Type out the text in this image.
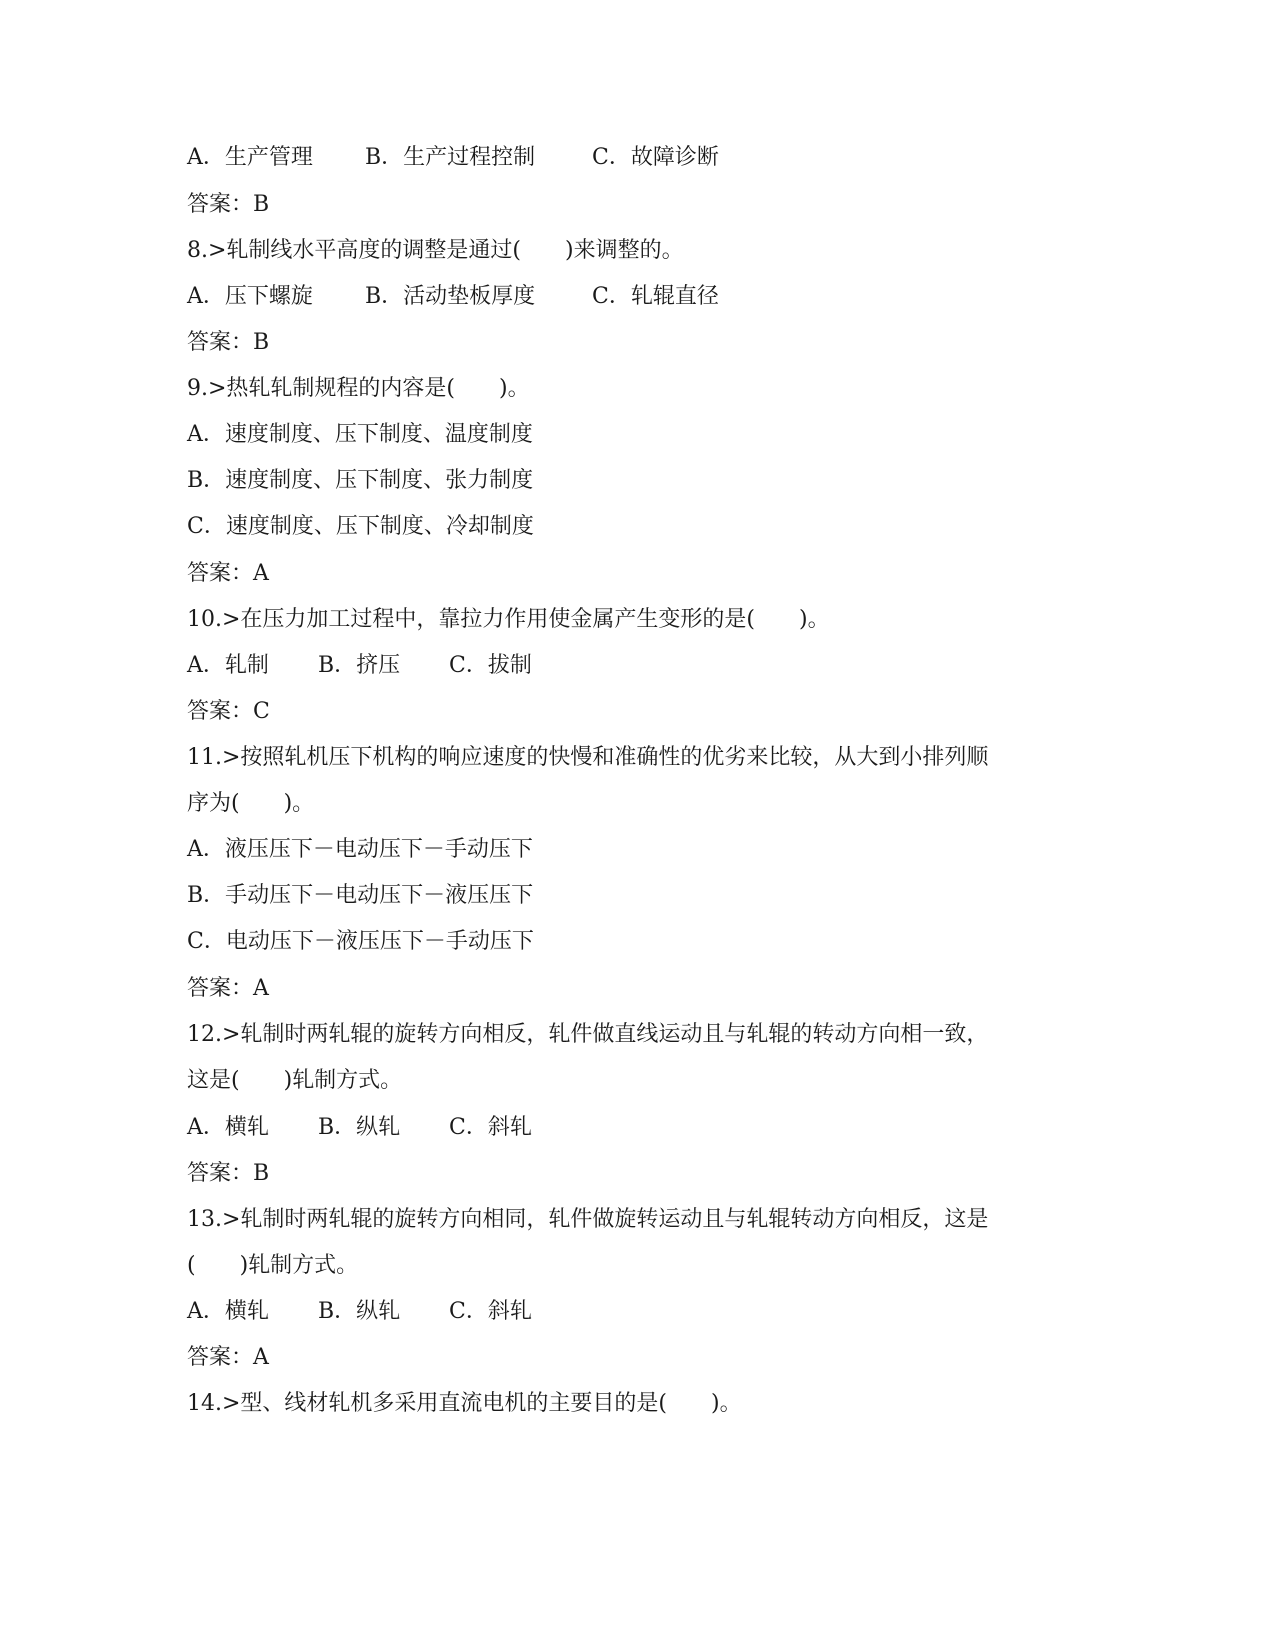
A．生产管理 B．生产过程控制	C．故障诊断
答案：B
8.>轧制线水平高度的调整是通过(　　)来调整的。
A．压下螺旋 B．活动垫板厚度	C．轧辊直径
答案：B
9.>热轧轧制规程的内容是(　　)。
A．速度制度、压下制度、温度制度
B．速度制度、压下制度、张力制度
C．速度制度、压下制度、冷却制度
答案：A
10.>在压力加工过程中，靠拉力作用使金属产生变形的是(　　)。
A．轧制 B．挤压 C．拔制
答案：C
11.>按照轧机压下机构的响应速度的快慢和准确性的优劣来比较，从大到小排列顺
序为(　　)。
A．液压压下－电动压下－手动压下
B．手动压下－电动压下－液压压下
C．电动压下－液压压下－手动压下
答案：A
12.>轧制时两轧辊的旋转方向相反，轧件做直线运动且与轧辊的转动方向相一致，
这是(　　)轧制方式。
A．横轧 B．纵轧 C．斜轧
答案：B
13.>轧制时两轧辊的旋转方向相同，轧件做旋转运动且与轧辊转动方向相反，这是
(　　)轧制方式。
A．横轧 B．纵轧 C．斜轧
答案：A
14.>型、线材轧机多采用直流电机的主要目的是(　　)。
